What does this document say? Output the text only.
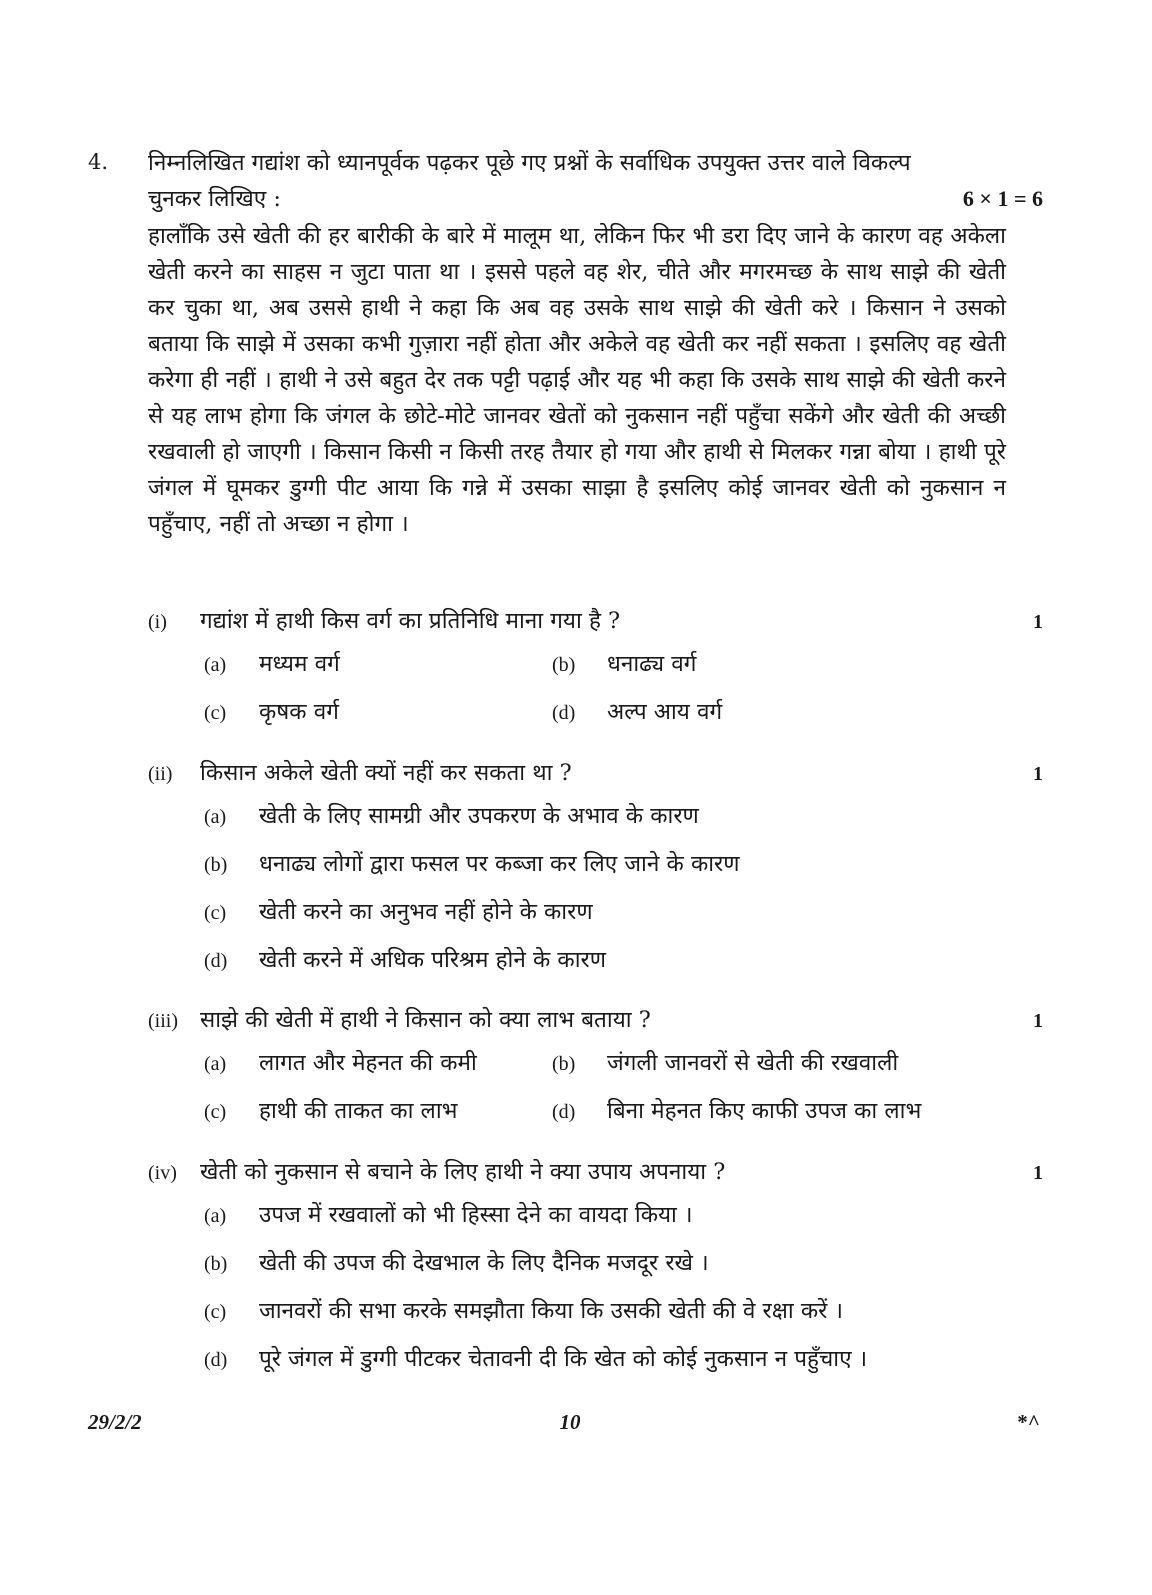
4. निम्नलिखित गद्यांश को ध्यानपूर्वक पढ़कर पूछे गए प्रश्नों के सर्वाधिक उपयुक्त उत्तर वाले विकल्प
चुनकर लिखिए :	6 × 1 = 6
हालाँकि उसे खेती की हर बारीकी के बारे में मालूम था, लेकिन फिर भी डरा दिए जाने के कारण वह अकेला खेती करने का साहस न जुटा पाता था । इससे पहले वह शेर, चीते और मगरमच्छ के साथ साझे की खेती कर चुका था, अब उससे हाथी ने कहा कि अब वह उसके साथ साझे की खेती करे । किसान ने उसको बताया कि साझे में उसका कभी गुज़ारा नहीं होता और अकेले वह खेती कर नहीं सकता । इसलिए वह खेती करेगा ही नहीं । हाथी ने उसे बहुत देर तक पट्टी पढ़ाई और यह भी कहा कि उसके साथ साझे की खेती करने से यह लाभ होगा कि जंगल के छोटे-मोटे जानवर खेतों को नुकसान नहीं पहुँचा सकेंगे और खेती की अच्छी रखवाली हो जाएगी । किसान किसी न किसी तरह तैयार हो गया और हाथी से मिलकर गन्ना बोया । हाथी पूरे जंगल में घूमकर डुग्गी पीट आया कि गन्ने में उसका साझा है इसलिए कोई जानवर खेती को नुकसान न पहुँचाए, नहीं तो अच्छा न होगा ।
(i)	गद्यांश में हाथी किस वर्ग का प्रतिनिधि माना गया है ?	1
(a)	मध्यम वर्ग	(b)	धनाढ्य वर्ग
(c)	कृषक वर्ग	(d)	अल्प आय वर्ग
(ii)	किसान अकेले खेती क्यों नहीं कर सकता था ?	1
(a)	खेती के लिए सामग्री और उपकरण के अभाव के कारण
(b)	धनाढ्य लोगों द्वारा फसल पर कब्जा कर लिए जाने के कारण
(c)	खेती करने का अनुभव नहीं होने के कारण
(d)	खेती करने में अधिक परिश्रम होने के कारण
(iii) साझे की खेती में हाथी ने किसान को क्या लाभ बताया ?	1
(a)	लागत और मेहनत की कमी	(b)	जंगली जानवरों से खेती की रखवाली
(c)	हाथी की ताकत का लाभ	(d)	बिना मेहनत किए काफी उपज का लाभ
(iv)	खेती को नुकसान से बचाने के लिए हाथी ने क्या उपाय अपनाया ?	1
(a)	उपज में रखवालों को भी हिस्सा देने का वायदा किया ।
(b)	खेती की उपज की देखभाल के लिए दैनिक मजदूर रखे ।
(c)	जानवरों की सभा करके समझौता किया कि उसकी खेती की वे रक्षा करें ।
(d)	पूरे जंगल में डुग्गी पीटकर चेतावनी दी कि खेत को कोई नुकसान न पहुँचाए ।
29/2/2	10	*^
